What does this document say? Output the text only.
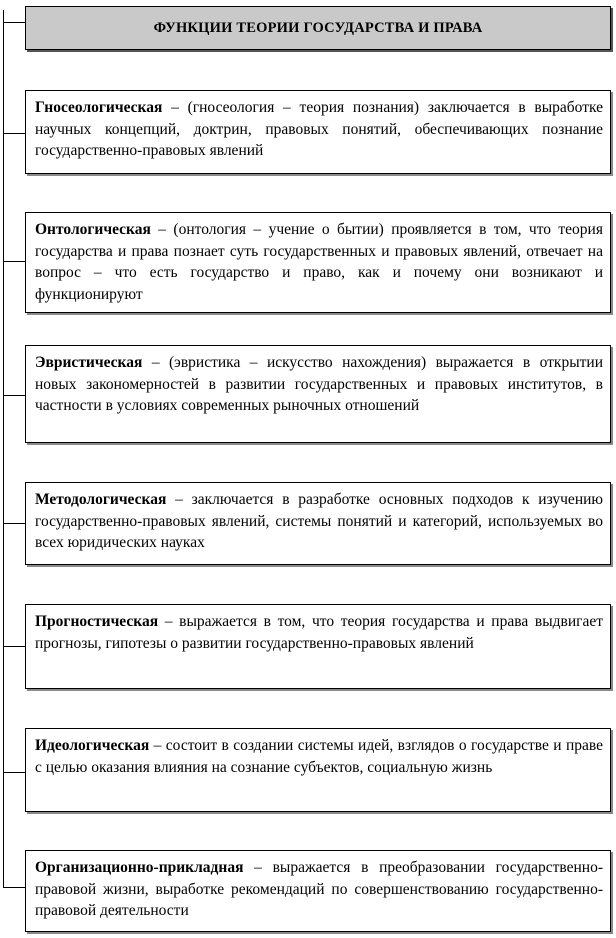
ФУНКЦИИ ТЕОРИИ ГОСУДАРСТВА И ПРАВА
Гносеологическая – (гносеология – теория познания) заключается в выработке научных концепций, доктрин, правовых понятий, обеспечивающих познание государственно-правовых явлений
Онтологическая – (онтология – учение о бытии) проявляется в том, что теория государства и права познает суть государственных и правовых явлений, отвечает на вопрос – что есть государство и право, как и почему они возникают и функционируют
Эвристическая – (эвристика – искусство нахождения) выражается в открытии новых закономерностей в развитии государственных и правовых институтов, в частности в условиях современных рыночных отношений
Методологическая – заключается в разработке основных подходов к изучению государственно-правовых явлений, системы понятий и категорий, используемых во всех юридических науках
Прогностическая – выражается в том, что теория государства и права выдвигает прогнозы, гипотезы о развитии государственно-правовых явлений
Идеологическая – состоит в создании системы идей, взглядов о государстве и праве с целью оказания влияния на сознание субъектов, социальную жизнь
Организационно-прикладная – выражается в преобразовании государственно-правовой жизни, выработке рекомендаций по совершенствованию государственно-правовой деятельности
